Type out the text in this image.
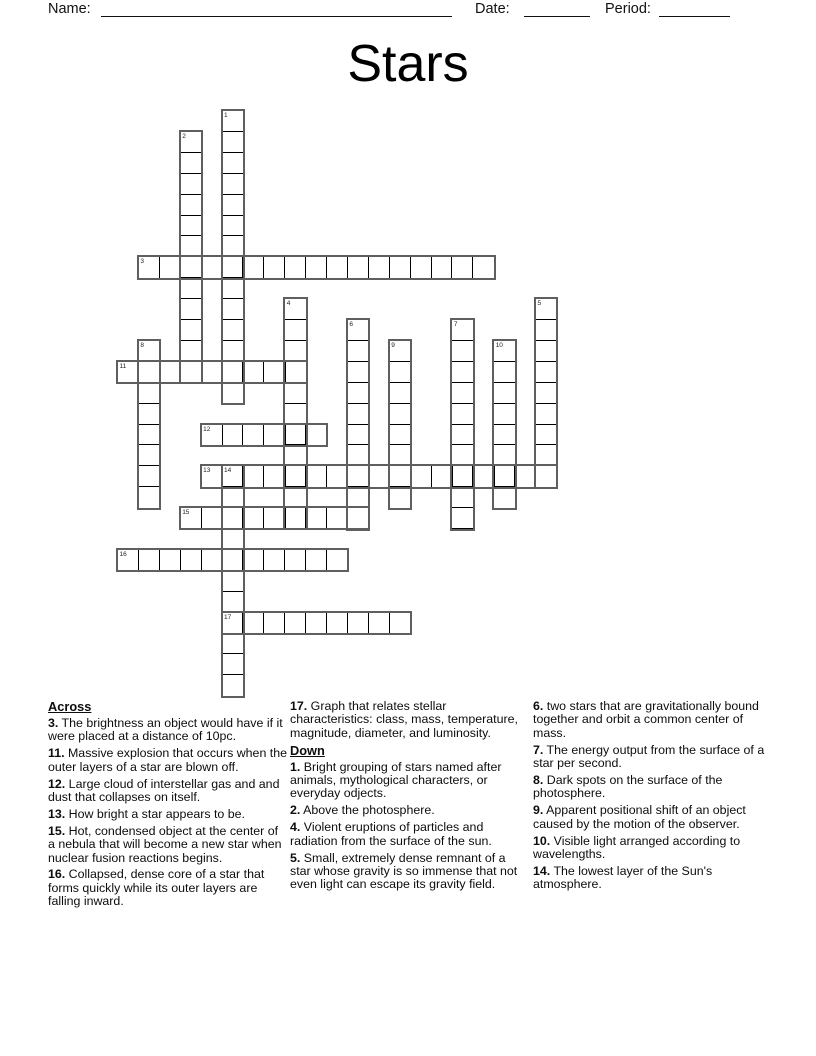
Name:	Date:	Period:
Stars
1
2
3
4	5
6	7
8	9	10
11
12
13 14
17
15
16

Across

3. The brightness an object would have if it were placed at a distance of 10pc.

11. Massive explosion that occurs when the outer layers of a star are blown off.

12. Large cloud of interstellar gas and and dust that collapses on itself.

13. How bright a star appears to be.

15. Hot, condensed object at the center of a nebula that will become a new star when nuclear fusion reactions begins.

16. Collapsed, dense core of a star that forms quickly while its outer layers are falling inward.

17. Graph that relates stellar characteristics: class, mass, temperature, magnitude, diameter, and luminosity.

Down

1. Bright grouping of stars named after animals, mythological characters, or everyday odjects.

2. Above the photosphere.

4. Violent eruptions of particles and radiation from the surface of the sun.

5. Small, extremely dense remnant of a star whose gravity is so immense that not even light can escape its gravity field.

6. two stars that are gravitationally bound together and orbit a common center of mass.

7. The energy output from the surface of a star per second.

8. Dark spots on the surface of the photosphere.

9. Apparent positional shift of an object caused by the motion of the observer.

10. Visible light arranged according to wavelengths.

14. The lowest layer of the Sun's atmosphere.
